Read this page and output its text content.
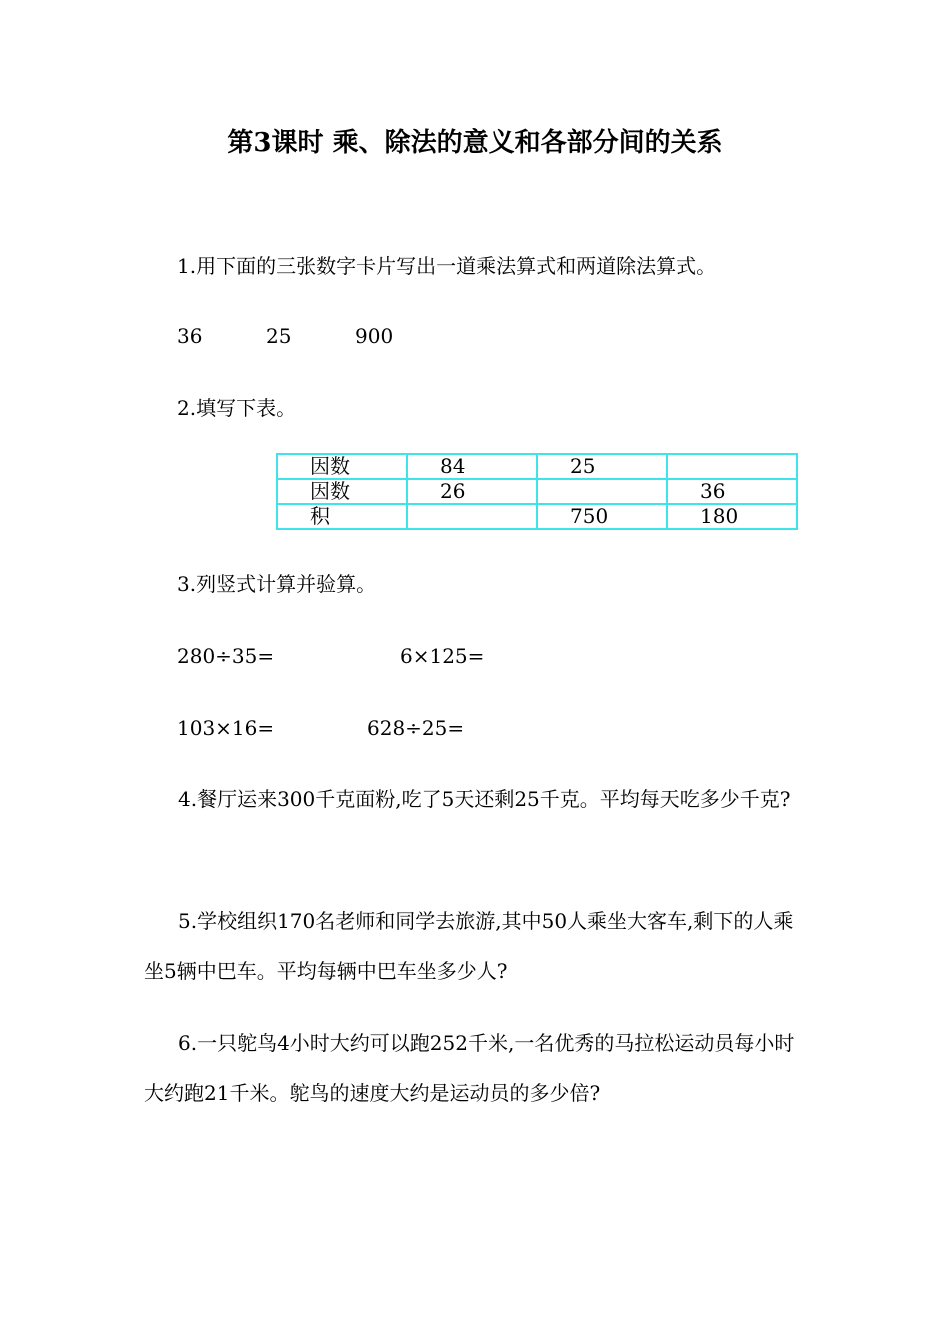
第3课时 乘、除法的意义和各部分间的关系
1.用下面的三张数字卡片写出一道乘法算式和两道除法算式。
36	25	900
2.填写下表。
因数	84	25	
因数	26		36
积		750	180
3.列竖式计算并验算。
280÷35=	6×125=
103×16=	628÷25=
4.餐厅运来300千克面粉,吃了5天还剩25千克。平均每天吃多少千克?
5.学校组织170名老师和同学去旅游,其中50人乘坐大客车,剩下的人乘坐5辆中巴车。平均每辆中巴车坐多少人?
6.一只鸵鸟4小时大约可以跑252千米,一名优秀的马拉松运动员每小时大约跑21千米。鸵鸟的速度大约是运动员的多少倍?
